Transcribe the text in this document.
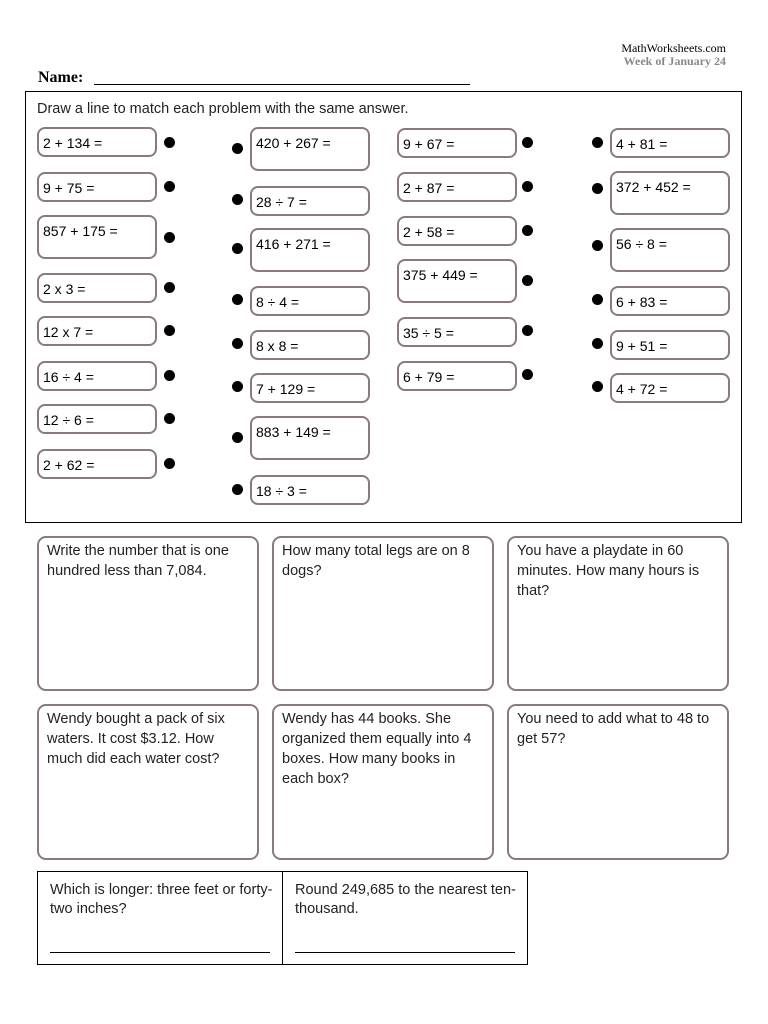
MathWorksheets.com
Week of January 24
Name:
Draw a line to match each problem with the same answer.
2 + 134 =
9 + 75 =
857 + 175 =
2 x 3 =
12 x 7 =
16 ÷ 4 =
12 ÷ 6 =
2 + 62 =
420 + 267 =
28 ÷ 7 =
416 + 271 =
8 ÷ 4 =
8 x 8 =
7 + 129 =
883 + 149 =
18 ÷ 3 =
9 + 67 =
2 + 87 =
2 + 58 =
375 + 449 =
35 ÷ 5 =
6 + 79 =
4 + 81 =
372 + 452 =
56 ÷ 8 =
6 + 83 =
9 + 51 =
4 + 72 =
Write the number that is one hundred less than 7,084.
How many total legs are on 8 dogs?
You have a playdate in 60 minutes. How many hours is that?
Wendy bought a pack of six waters. It cost $3.12. How much did each water cost?
Wendy has 44 books. She organized them equally into 4 boxes. How many books in each box?
You need to add what to 48 to get 57?
Which is longer: three feet or forty-two inches?
Round 249,685 to the nearest ten-thousand.
